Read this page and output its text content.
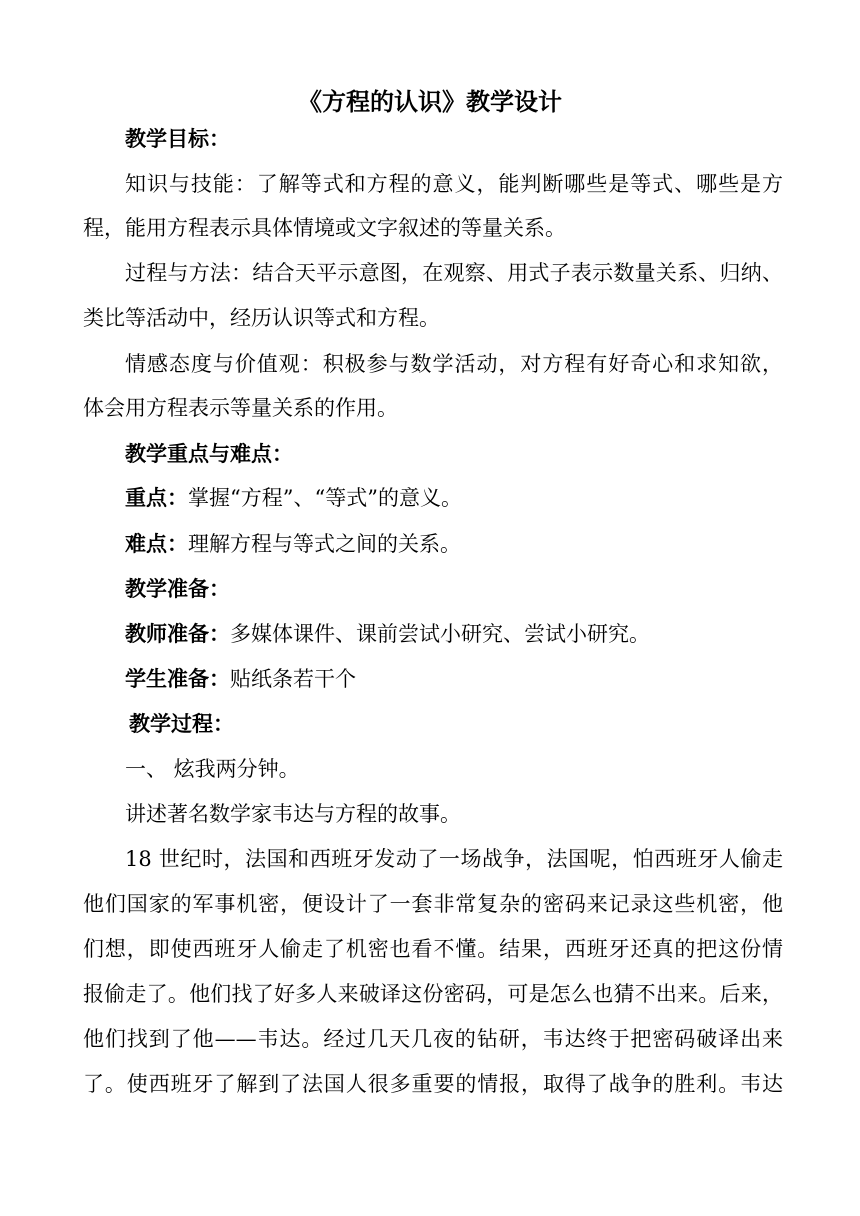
《方程的认识》教学设计
教学目标：
知识与技能：了解等式和方程的意义，能判断哪些是等式、哪些是方
程，能用方程表示具体情境或文字叙述的等量关系。
过程与方法：结合天平示意图，在观察、用式子表示数量关系、归纳、
类比等活动中，经历认识等式和方程。
情感态度与价值观：积极参与数学活动，对方程有好奇心和求知欲，
体会用方程表示等量关系的作用。
教学重点与难点：
重点：掌握“方程”、“等式”的意义。
难点：理解方程与等式之间的关系。
教学准备：
教师准备：多媒体课件、课前尝试小研究、尝试小研究。
学生准备：贴纸条若干个
教学过程：
一、 炫我两分钟。
讲述著名数学家韦达与方程的故事。
18 世纪时，法国和西班牙发动了一场战争，法国呢，怕西班牙人偷走
他们国家的军事机密，便设计了一套非常复杂的密码来记录这些机密，他
们想，即使西班牙人偷走了机密也看不懂。结果，西班牙还真的把这份情
报偷走了。他们找了好多人来破译这份密码，可是怎么也猜不出来。后来，
他们找到了他——韦达。经过几天几夜的钻研，韦达终于把密码破译出来
了。使西班牙了解到了法国人很多重要的情报，取得了战争的胜利。韦达
